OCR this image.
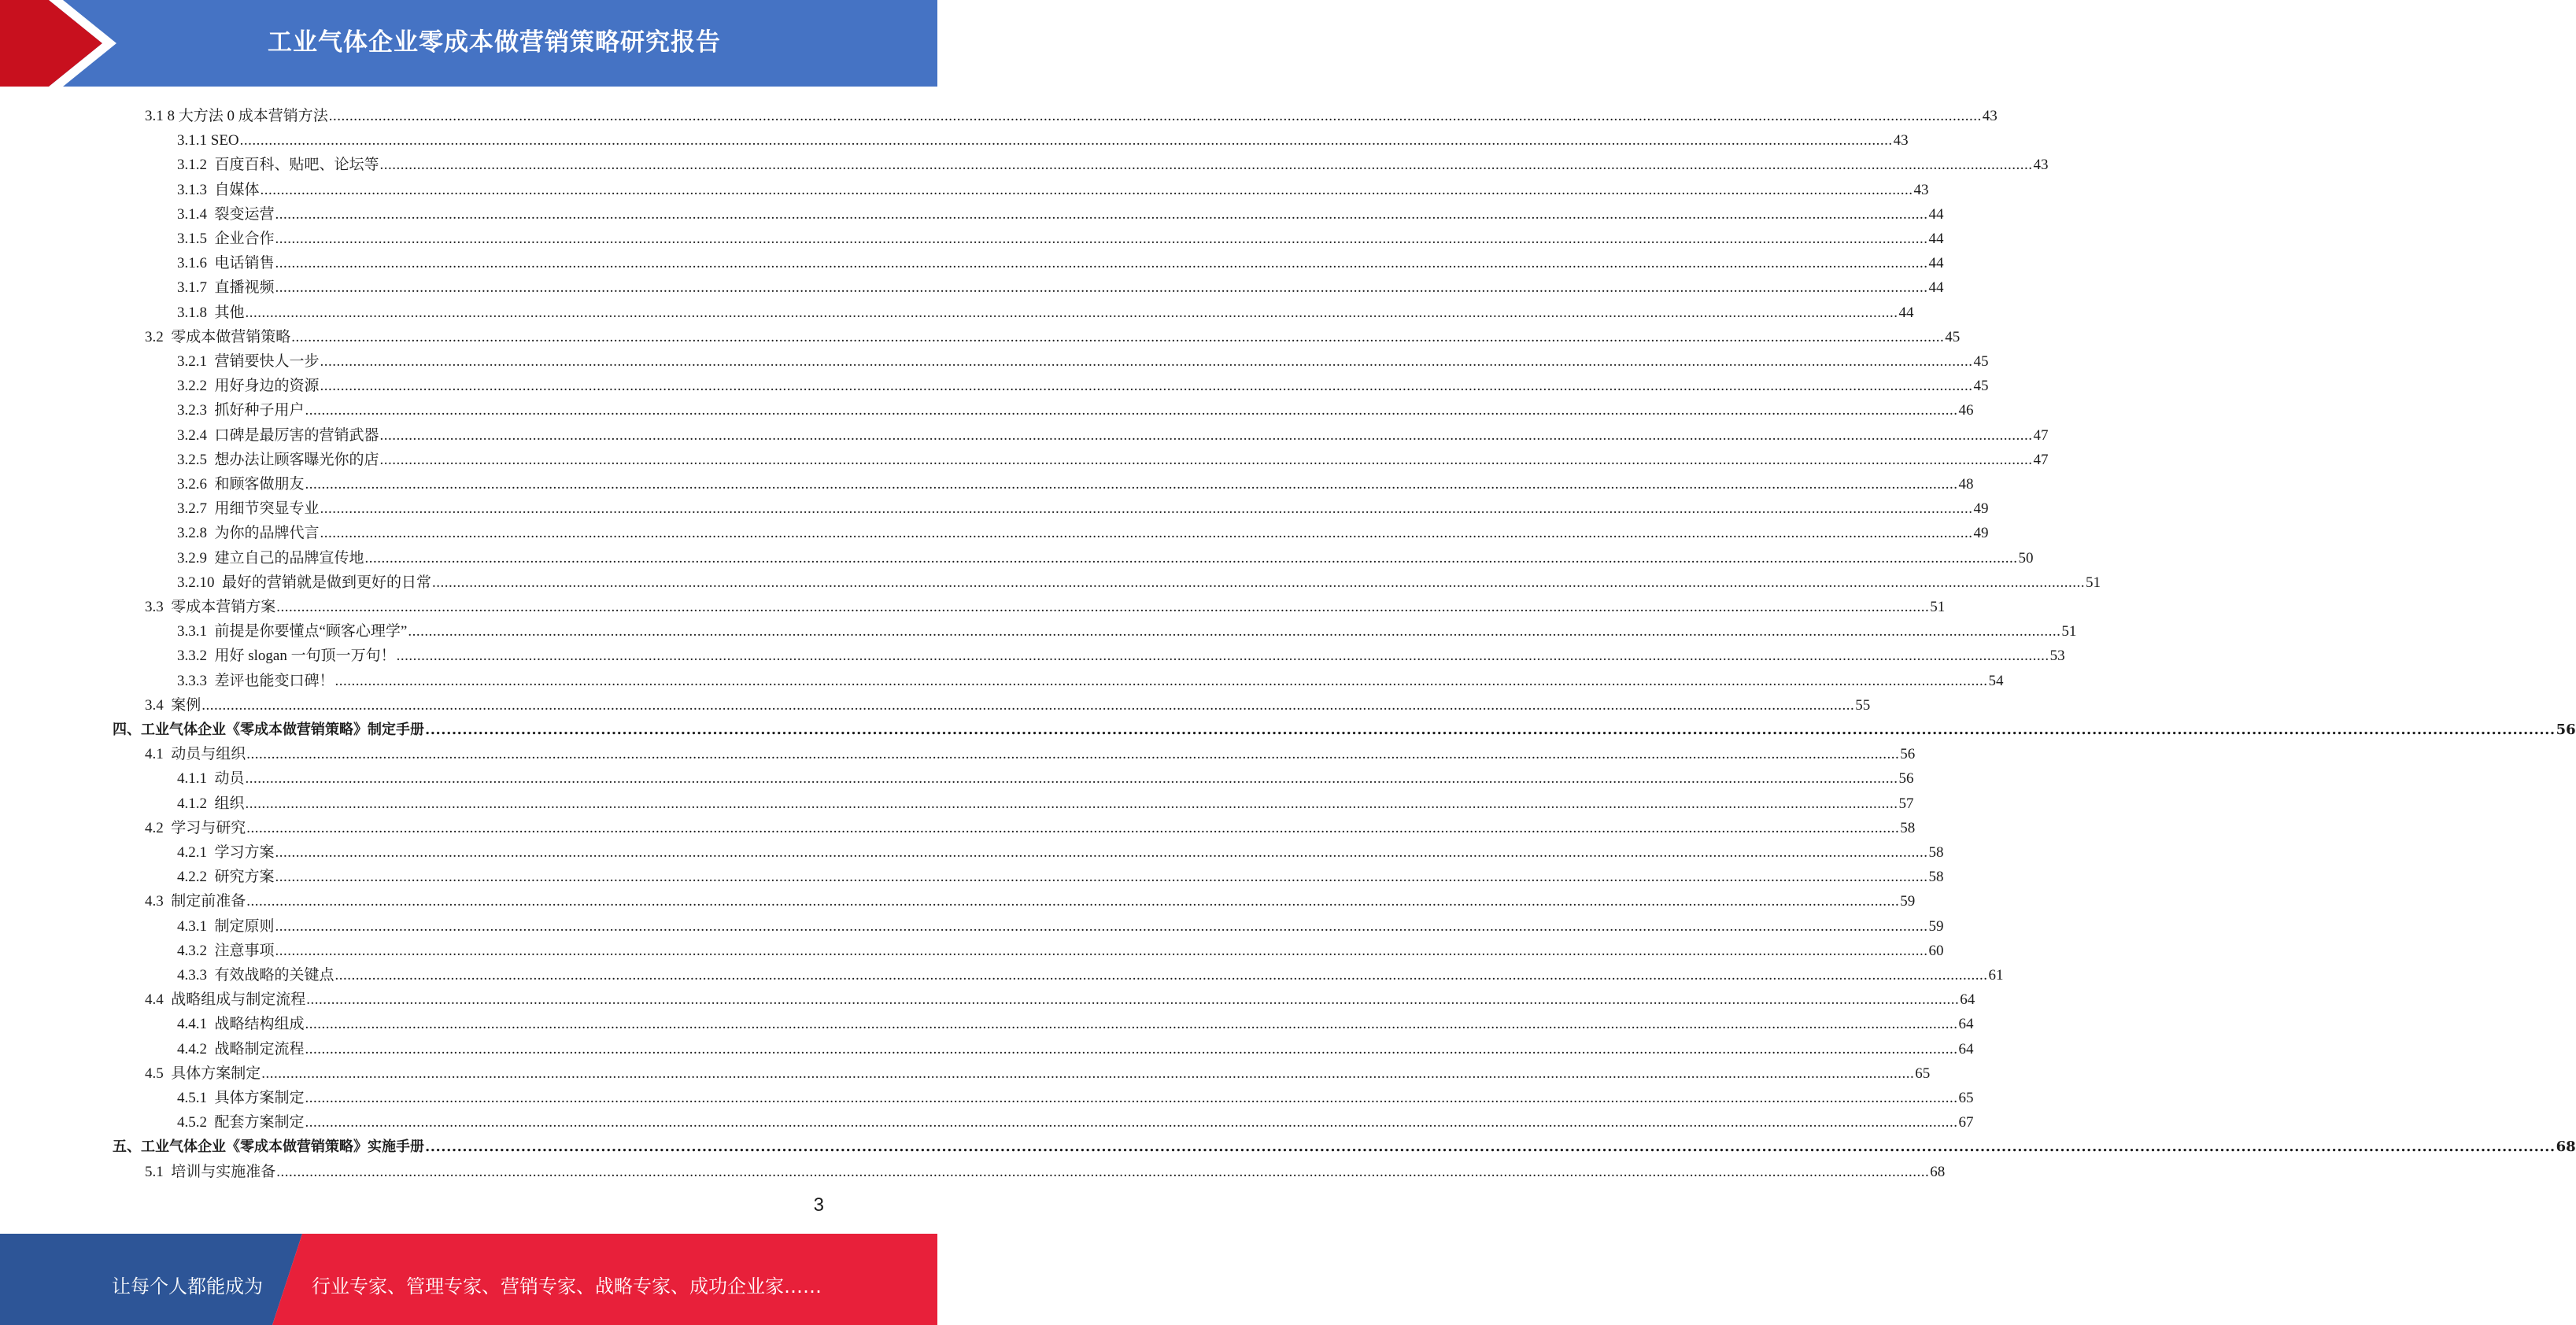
工业气体企业零成本做营销策略研究报告
3.1 8 大方法 0 成本营销方法 ................................................................................................................................................................................................................................................................................................................................................................................................................ 43
3.1.1 SEO ................................................................................................................................................................................................................................................................................................................................................................................................................ 43
3.1.2 百度百科、贴吧、论坛等 ................................................................................................................................................................................................................................................................................................................................................................................................................ 43
3.1.3 自媒体 ................................................................................................................................................................................................................................................................................................................................................................................................................ 43
3.1.4 裂变运营 ................................................................................................................................................................................................................................................................................................................................................................................................................ 44
3.1.5 企业合作 ................................................................................................................................................................................................................................................................................................................................................................................................................ 44
3.1.6 电话销售 ................................................................................................................................................................................................................................................................................................................................................................................................................ 44
3.1.7 直播视频 ................................................................................................................................................................................................................................................................................................................................................................................................................ 44
3.1.8 其他 ................................................................................................................................................................................................................................................................................................................................................................................................................ 44
3.2 零成本做营销策略 ................................................................................................................................................................................................................................................................................................................................................................................................................ 45
3.2.1 营销要快人一步 ................................................................................................................................................................................................................................................................................................................................................................................................................ 45
3.2.2 用好身边的资源 ................................................................................................................................................................................................................................................................................................................................................................................................................ 45
3.2.3 抓好种子用户 ................................................................................................................................................................................................................................................................................................................................................................................................................ 46
3.2.4 口碑是最厉害的营销武器 ................................................................................................................................................................................................................................................................................................................................................................................................................ 47
3.2.5 想办法让顾客曝光你的店 ................................................................................................................................................................................................................................................................................................................................................................................................................ 47
3.2.6 和顾客做朋友 ................................................................................................................................................................................................................................................................................................................................................................................................................ 48
3.2.7 用细节突显专业 ................................................................................................................................................................................................................................................................................................................................................................................................................ 49
3.2.8 为你的品牌代言 ................................................................................................................................................................................................................................................................................................................................................................................................................ 49
3.2.9 建立自己的品牌宣传地 ................................................................................................................................................................................................................................................................................................................................................................................................................ 50
3.2.10 最好的营销就是做到更好的日常 ................................................................................................................................................................................................................................................................................................................................................................................................................ 51
3.3 零成本营销方案 ................................................................................................................................................................................................................................................................................................................................................................................................................ 51
3.3.1 前提是你要懂点“顾客心理学” ................................................................................................................................................................................................................................................................................................................................................................................................................ 51
3.3.2 用好 slogan 一句顶一万句！ ................................................................................................................................................................................................................................................................................................................................................................................................................ 53
3.3.3 差评也能变口碑！ ................................................................................................................................................................................................................................................................................................................................................................................................................ 54
3.4 案例 ................................................................................................................................................................................................................................................................................................................................................................................................................ 55
四、工业气体企业《零成本做营销策略》制定手册 ................................................................................................................................................................................................................................................................................................................................................................................................................ 56
4.1 动员与组织 ................................................................................................................................................................................................................................................................................................................................................................................................................ 56
4.1.1 动员 ................................................................................................................................................................................................................................................................................................................................................................................................................ 56
4.1.2 组织 ................................................................................................................................................................................................................................................................................................................................................................................................................ 57
4.2 学习与研究 ................................................................................................................................................................................................................................................................................................................................................................................................................ 58
4.2.1 学习方案 ................................................................................................................................................................................................................................................................................................................................................................................................................ 58
4.2.2 研究方案 ................................................................................................................................................................................................................................................................................................................................................................................................................ 58
4.3 制定前准备 ................................................................................................................................................................................................................................................................................................................................................................................................................ 59
4.3.1 制定原则 ................................................................................................................................................................................................................................................................................................................................................................................................................ 59
4.3.2 注意事项 ................................................................................................................................................................................................................................................................................................................................................................................................................ 60
4.3.3 有效战略的关键点 ................................................................................................................................................................................................................................................................................................................................................................................................................ 61
4.4 战略组成与制定流程 ................................................................................................................................................................................................................................................................................................................................................................................................................ 64
4.4.1 战略结构组成 ................................................................................................................................................................................................................................................................................................................................................................................................................ 64
4.4.2 战略制定流程 ................................................................................................................................................................................................................................................................................................................................................................................................................ 64
4.5 具体方案制定 ................................................................................................................................................................................................................................................................................................................................................................................................................ 65
4.5.1 具体方案制定 ................................................................................................................................................................................................................................................................................................................................................................................................................ 65
4.5.2 配套方案制定 ................................................................................................................................................................................................................................................................................................................................................................................................................ 67
五、工业气体企业《零成本做营销策略》实施手册 ................................................................................................................................................................................................................................................................................................................................................................................................................ 68
5.1 培训与实施准备 ................................................................................................................................................................................................................................................................................................................................................................................................................ 68
3
让每个人都能成为	行业专家、管理专家、营销专家、战略专家、成功企业家……
